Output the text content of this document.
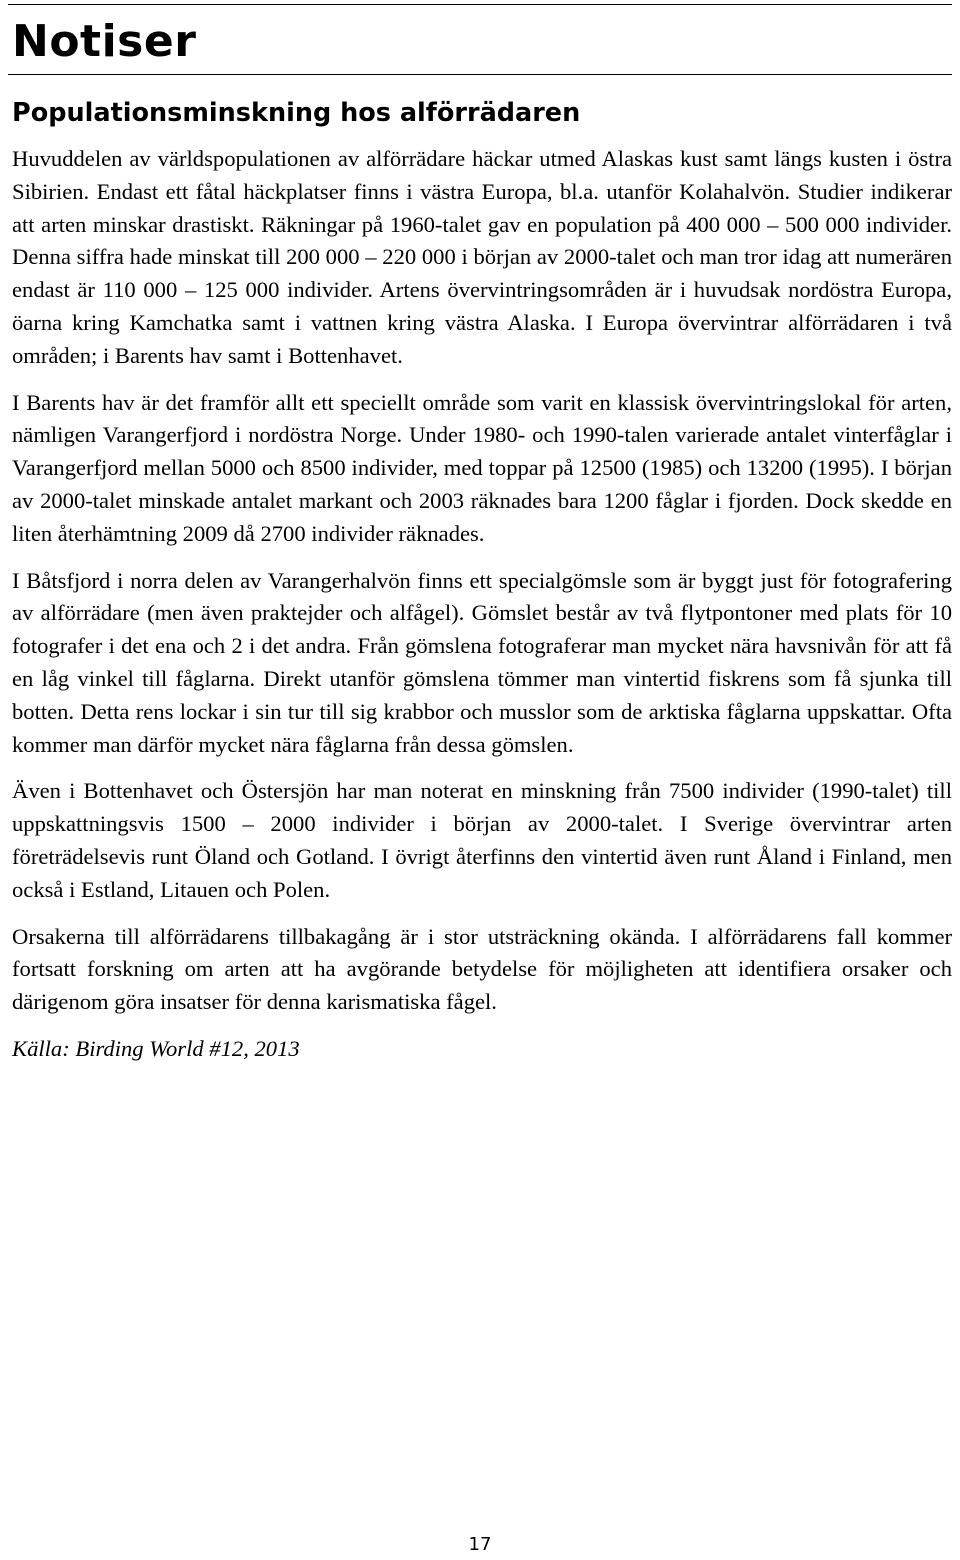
Notiser
Populationsminskning hos alförrädaren

Huvuddelen av världspopulationen av alförrädare häckar utmed Alaskas kust samt längs kusten i östra Sibirien. Endast ett fåtal häckplatser finns i västra Europa, bl.a. utanför Kolahalvön. Studier indikerar att arten minskar drastiskt. Räkningar på 1960-talet gav en population på 400 000 – 500 000 individer. Denna siffra hade minskat till 200 000 – 220 000 i början av 2000-talet och man tror idag att numerären endast är 110 000 – 125 000 individer. Artens övervintringsområden är i huvudsak nordöstra Europa, öarna kring Kamchatka samt i vattnen kring västra Alaska. I Europa övervintrar alförrädaren i två områden; i Barents hav samt i Bottenhavet.

I Barents hav är det framför allt ett speciellt område som varit en klassisk övervintringslokal för arten, nämligen Varangerfjord i nordöstra Norge. Under 1980- och 1990-talen varierade antalet vinterfåglar i Varangerfjord mellan 5000 och 8500 individer, med toppar på 12500 (1985) och 13200 (1995). I början av 2000-talet minskade antalet markant och 2003 räknades bara 1200 fåglar i fjorden. Dock skedde en liten återhämtning 2009 då 2700 individer räknades.

I Båtsfjord i norra delen av Varangerhalvön finns ett specialgömsle som är byggt just för fotografering av alförrädare (men även praktejder och alfågel). Gömslet består av två flytpontoner med plats för 10 fotografer i det ena och 2 i det andra. Från gömslena fotograferar man mycket nära havsnivån för att få en låg vinkel till fåglarna. Direkt utanför gömslena tömmer man vintertid fiskrens som få sjunka till botten. Detta rens lockar i sin tur till sig krabbor och musslor som de arktiska fåglarna uppskattar. Ofta kommer man därför mycket nära fåglarna från dessa gömslen.

Även i Bottenhavet och Östersjön har man noterat en minskning från 7500 individer (1990-talet) till uppskattningsvis 1500 – 2000 individer i början av 2000-talet. I Sverige övervintrar arten företrädelsevis runt Öland och Gotland. I övrigt återfinns den vintertid även runt Åland i Finland, men också i Estland, Litauen och Polen.

Orsakerna till alförrädarens tillbakagång är i stor utsträckning okända. I alförrädarens fall kommer fortsatt forskning om arten att ha avgörande betydelse för möjligheten att identifiera orsaker och därigenom göra insatser för denna karismatiska fågel.

Källa: Birding World #12, 2013

17
